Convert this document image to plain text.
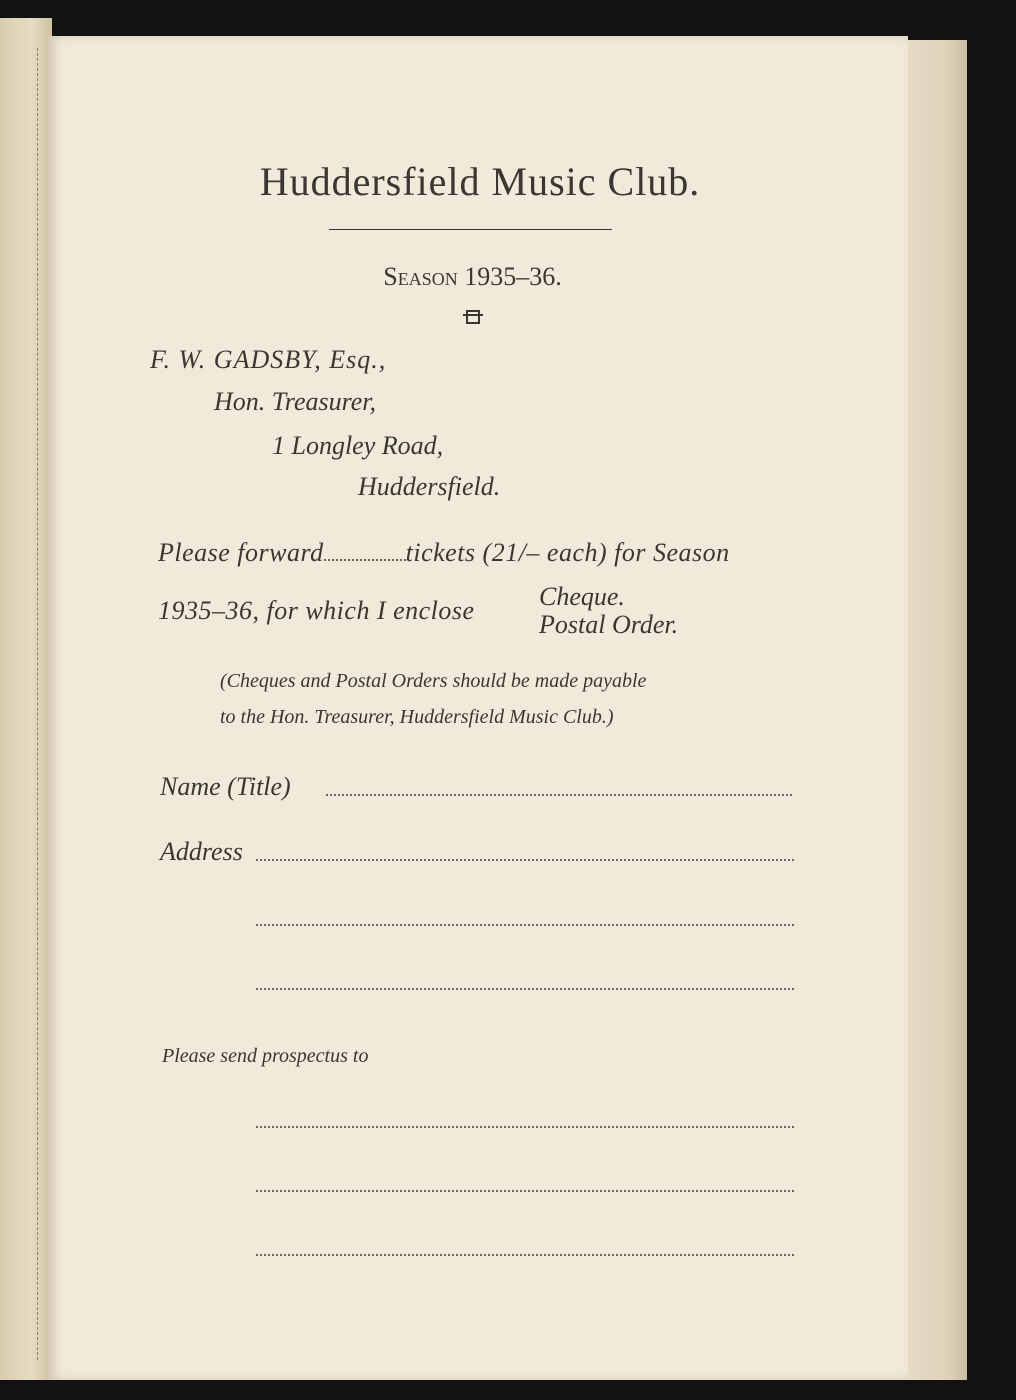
Huddersfield Music Club.
Season 1935–36.
F. W. GADSBY, Esq.,
Hon. Treasurer,
1 Longley Road,
Huddersfield.
Please forward	tickets (21/– each) for Season
1935–36, for which I enclose Cheque.
Postal Order.
(Cheques and Postal Orders should be made payable
to the Hon. Treasurer, Huddersfield Music Club.)
Name (Title)
Address
Please send prospectus to
